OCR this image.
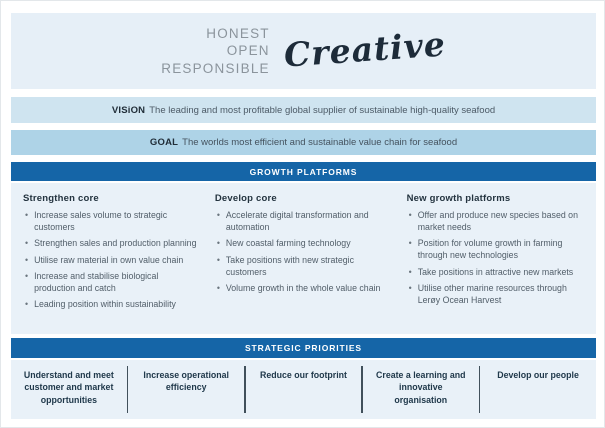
HONEST
OPEN
RESPONSIBLE Creative
VISiON The leading and most profitable global supplier of sustainable high-quality seafood
GOAL The worlds most efficient and sustainable value chain for seafood
GROWTH PLATFORMS
Strengthen core
• Increase sales volume to strategic customers
• Strengthen sales and production planning
• Utilise raw material in own value chain
• Increase and stabilise biological production and catch
• Leading position within sustainability
Develop core
• Accelerate digital transformation and automation
• New coastal farming technology
• Take positions with new strategic customers
• Volume growth in the whole value chain
New growth platforms
• Offer and produce new species based on market needs
• Position for volume growth in farming through new technologies
• Take positions in attractive new markets
• Utilise other marine resources through Lerøy Ocean Harvest
STRATEGIC PRIORITIES
Understand and meet customer and market opportunities
Increase operational efficiency
Reduce our footprint	Create a learning and innovative organisation
Develop our people
